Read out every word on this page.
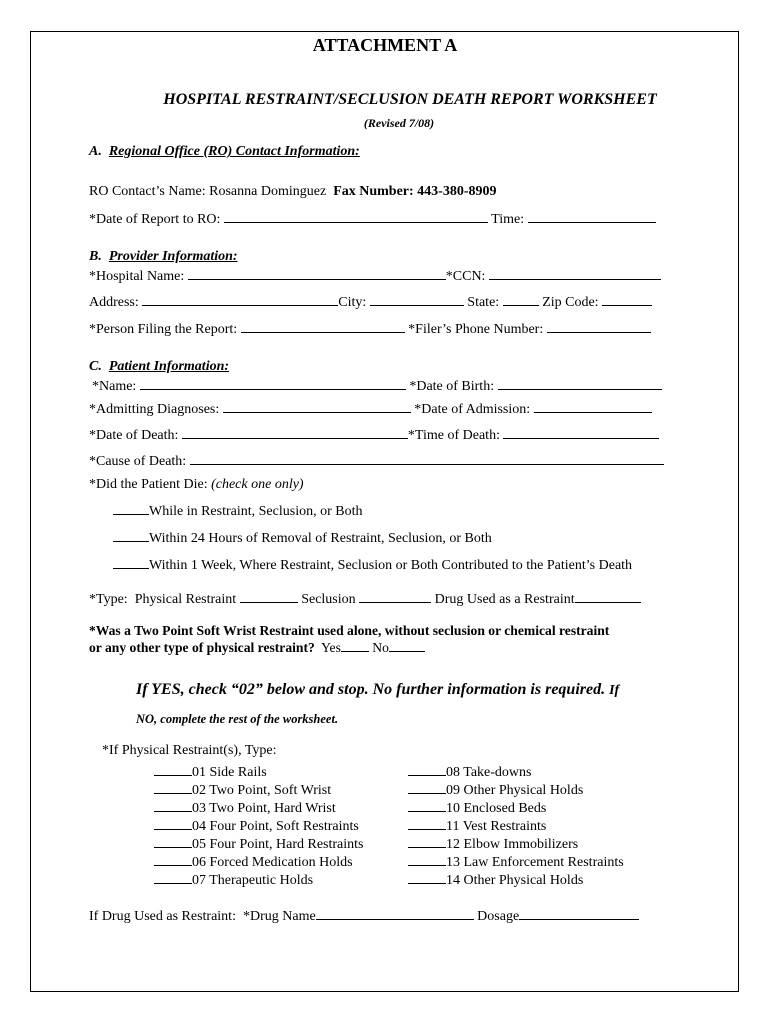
ATTACHMENT A
HOSPITAL RESTRAINT/SECLUSION DEATH REPORT WORKSHEET
(Revised 7/08)
A. Regional Office (RO) Contact Information:
RO Contact’s Name: Rosanna Dominguez Fax Number: 443-380-8909
*Date of Report to RO:	Time:
B. Provider Information:
*Hospital Name:	*CCN:
Address:	City:	State:	Zip Code:
*Person Filing the Report:	*Filer’s Phone Number:
C. Patient Information:
*Name:	*Date of Birth:
*Admitting Diagnoses:	*Date of Admission:
*Date of Death:	*Time of Death:
*Cause of Death:
*Did the Patient Die: (check one only)
While in Restraint, Seclusion, or Both
Within 24 Hours of Removal of Restraint, Seclusion, or Both
Within 1 Week, Where Restraint, Seclusion or Both Contributed to the Patient’s Death
*Type: Physical Restraint	Seclusion	Drug Used as a Restraint
*Was a Two Point Soft Wrist Restraint used alone, without seclusion or chemical restraint
or any other type of physical restraint? Yes No
If YES, check “02” below and stop. No further information is required. If
NO, complete the rest of the worksheet.
*If Physical Restraint(s), Type:
01 Side Rails
02 Two Point, Soft Wrist
03 Two Point, Hard Wrist
04 Four Point, Soft Restraints
05 Four Point, Hard Restraints
06 Forced Medication Holds
07 Therapeutic Holds
08 Take-downs
09 Other Physical Holds
10 Enclosed Beds
11 Vest Restraints
12 Elbow Immobilizers
13 Law Enforcement Restraints
14 Other Physical Holds
If Drug Used as Restraint: *Drug Name	Dosage
